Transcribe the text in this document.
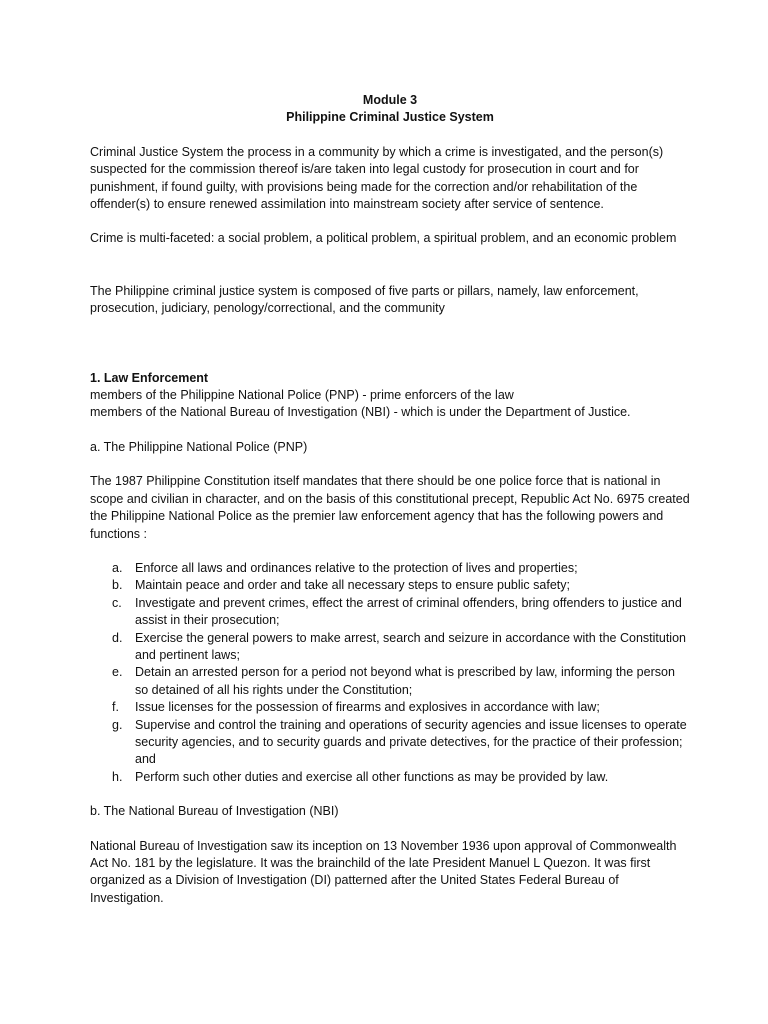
Module 3

Philippine Criminal Justice System

Criminal Justice System the process in a community by which a crime is investigated, and the person(s) suspected for the commission thereof is/are taken into legal custody for prosecution in court and for punishment, if found guilty, with provisions being made for the correction and/or rehabilitation of the offender(s) to ensure renewed assimilation into mainstream society after service of sentence.

Crime is multi-faceted: a social problem, a political problem, a spiritual problem, and an economic problem

The Philippine criminal justice system is composed of five parts or pillars, namely, law enforcement, prosecution, judiciary, penology/correctional, and the community

1. Law Enforcement

members of the Philippine National Police (PNP) - prime enforcers of the law

members of the National Bureau of Investigation (NBI) - which is under the Department of Justice.

a. The Philippine National Police (PNP)

The 1987 Philippine Constitution itself mandates that there should be one police force that is national in scope and civilian in character, and on the basis of this constitutional precept, Republic Act No. 6975 created the Philippine National Police as the premier law enforcement agency that has the following powers and functions :

a. Enforce all laws and ordinances relative to the protection of lives and properties;
b. Maintain peace and order and take all necessary steps to ensure public safety;
c. Investigate and prevent crimes, effect the arrest of criminal offenders, bring offenders to justice and assist in their prosecution;
d. Exercise the general powers to make arrest, search and seizure in accordance with the Constitution and pertinent laws;
e. Detain an arrested person for a period not beyond what is prescribed by law, informing the person so detained of all his rights under the Constitution;
f. Issue licenses for the possession of firearms and explosives in accordance with law;
g. Supervise and control the training and operations of security agencies and issue licenses to operate security agencies, and to security guards and private detectives, for the practice of their profession; and
h. Perform such other duties and exercise all other functions as may be provided by law.

b. The National Bureau of Investigation (NBI)

National Bureau of Investigation saw its inception on 13 November 1936 upon approval of Commonwealth Act No. 181 by the legislature. It was the brainchild of the late President Manuel L Quezon. It was first organized as a Division of Investigation (DI) patterned after the United States Federal Bureau of Investigation.
